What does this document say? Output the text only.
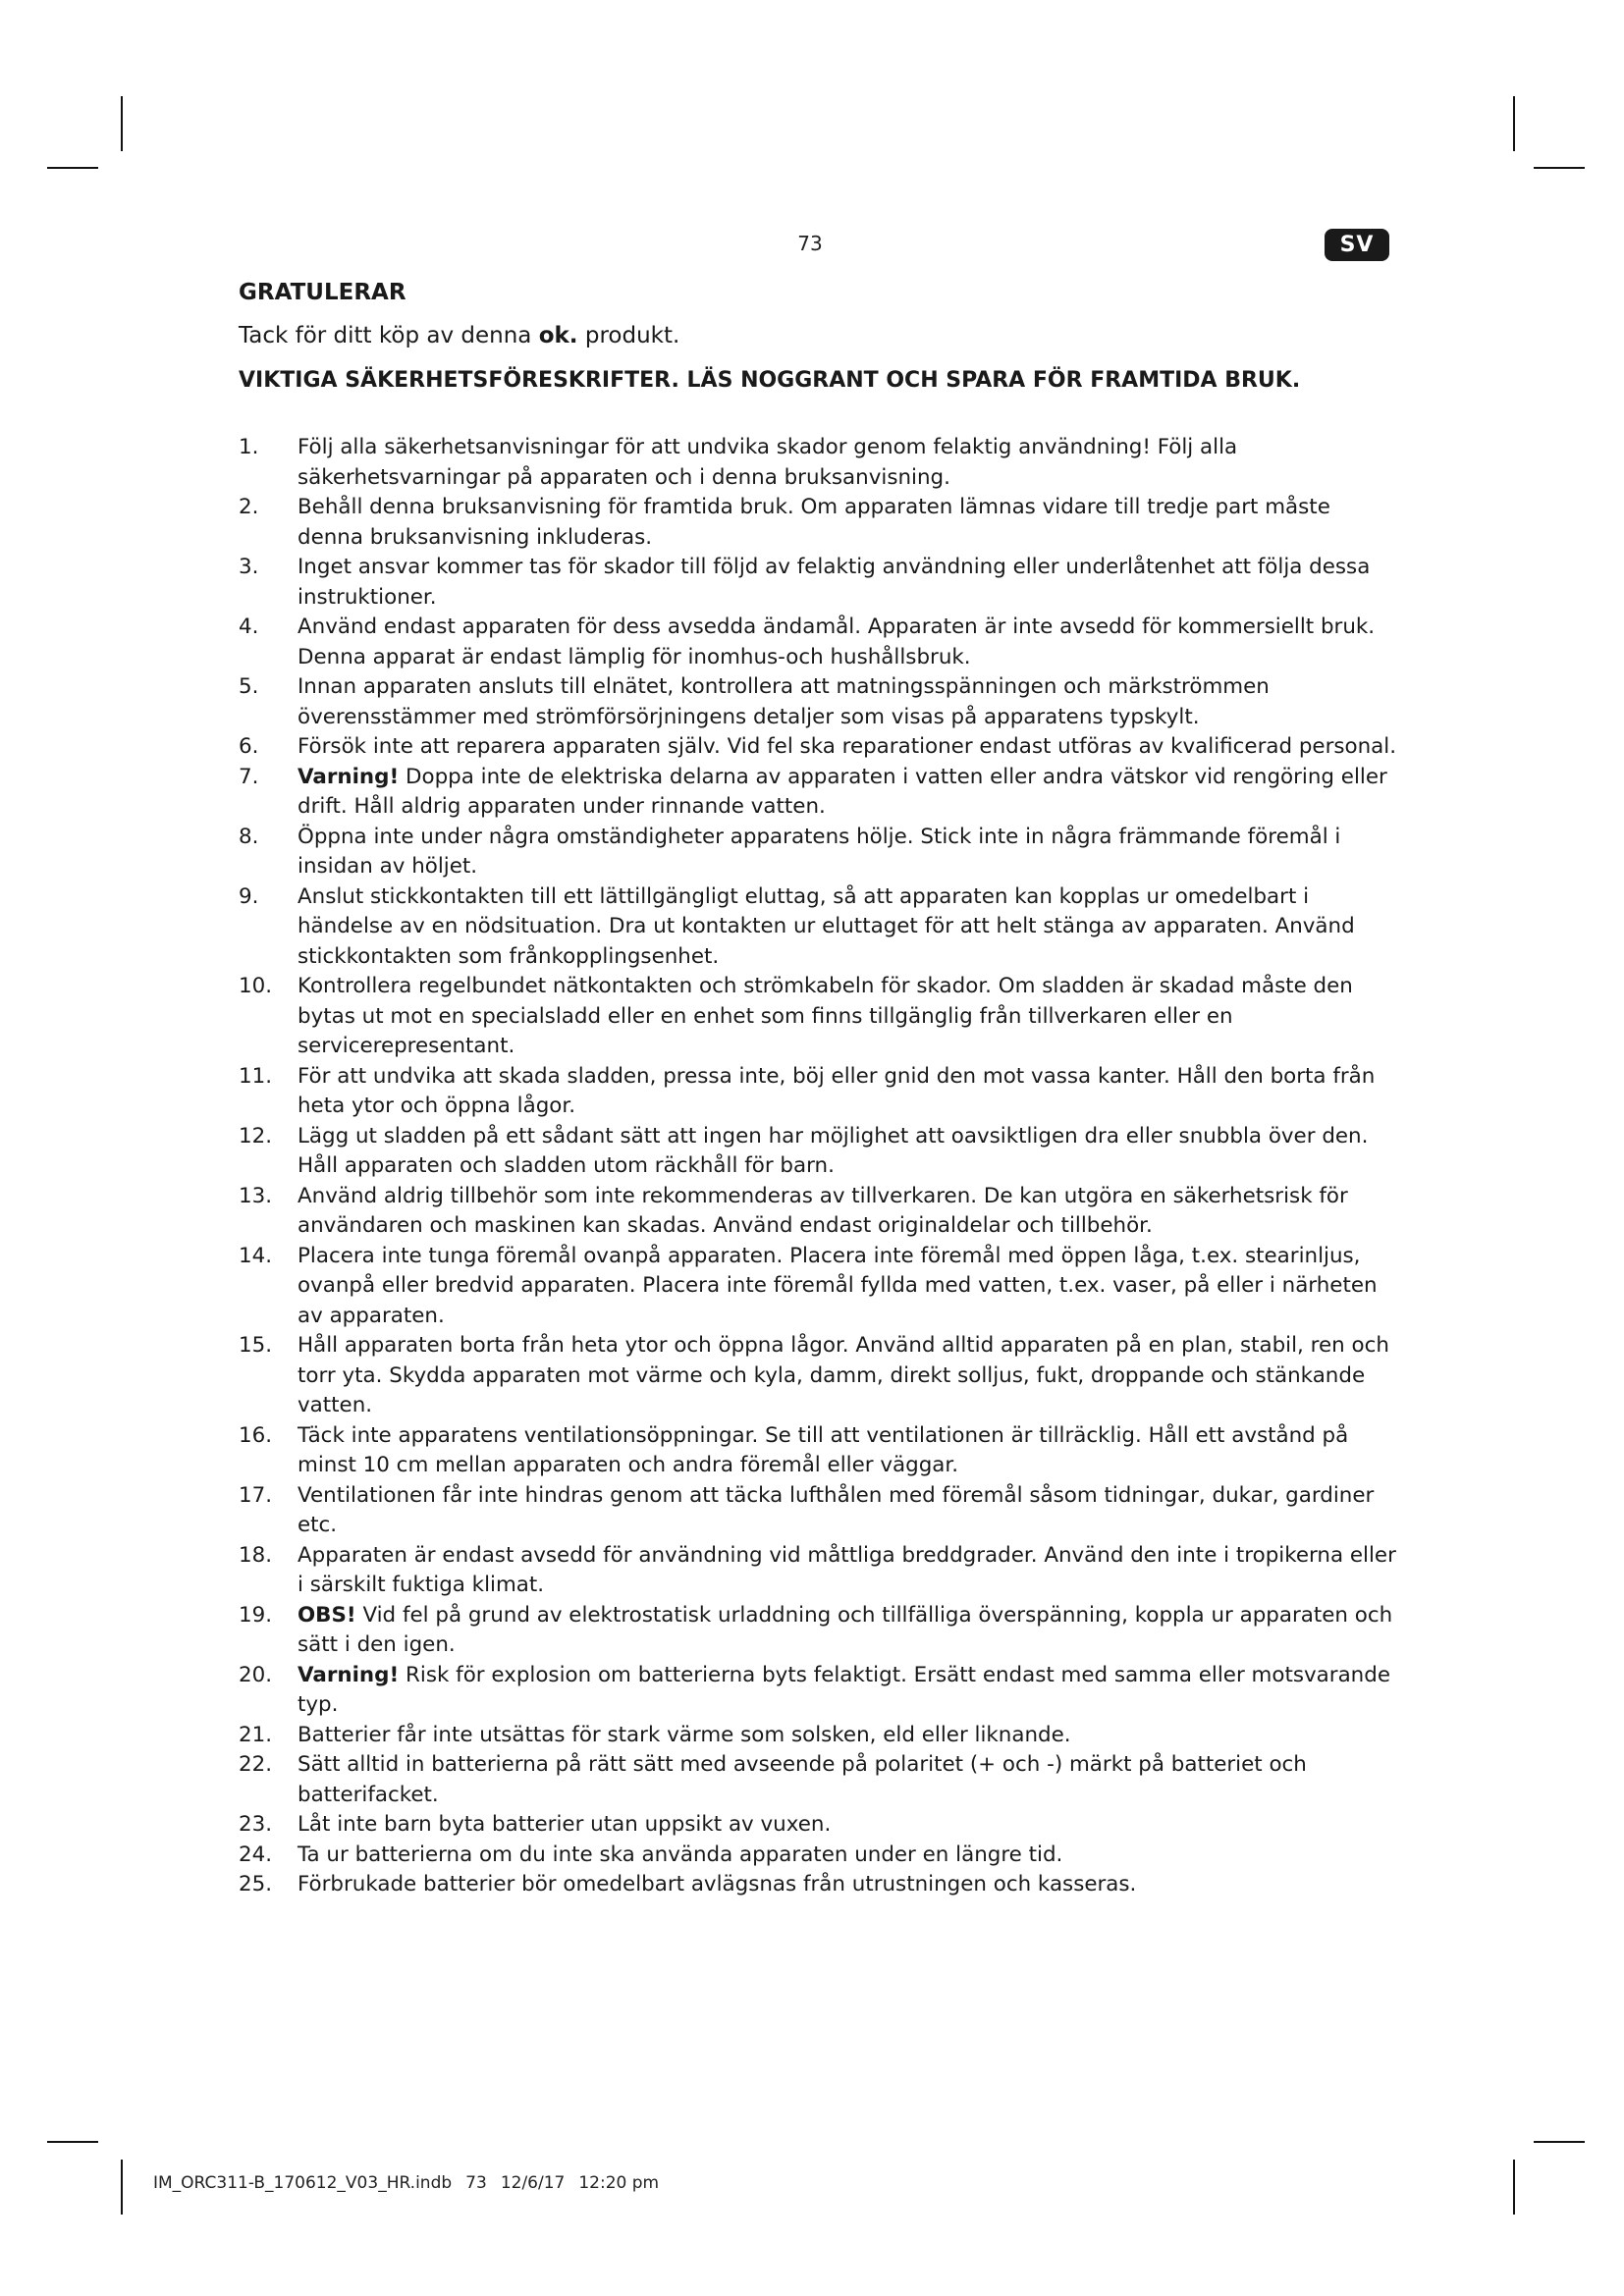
73	SV
GRATULERAR

Tack för ditt köp av denna ok. produkt.

VIKTIGA SÄKERHETSFÖRESKRIFTER. LÄS NOGGRANT OCH SPARA FÖR FRAMTIDA BRUK.
1. Följ alla säkerhetsanvisningar för att undvika skador genom felaktig användning! Följ alla säkerhetsvarningar på apparaten och i denna bruksanvisning.
2. Behåll denna bruksanvisning för framtida bruk. Om apparaten lämnas vidare till tredje part måste denna bruksanvisning inkluderas.
3. Inget ansvar kommer tas för skador till följd av felaktig användning eller underlåtenhet att följa dessa instruktioner.
4. Använd endast apparaten för dess avsedda ändamål. Apparaten är inte avsedd för kommersiellt bruk. Denna apparat är endast lämplig för inomhus-och hushållsbruk.
5. Innan apparaten ansluts till elnätet, kontrollera att matningsspänningen och märkströmmen överensstämmer med strömförsörjningens detaljer som visas på apparatens typskylt.
6. Försök inte att reparera apparaten själv. Vid fel ska reparationer endast utföras av kvalificerad personal.
7. Varning! Doppa inte de elektriska delarna av apparaten i vatten eller andra vätskor vid rengöring eller drift. Håll aldrig apparaten under rinnande vatten.
8. Öppna inte under några omständigheter apparatens hölje. Stick inte in några främmande föremål i insidan av höljet.
9. Anslut stickkontakten till ett lättillgängligt eluttag, så att apparaten kan kopplas ur omedelbart i händelse av en nödsituation. Dra ut kontakten ur eluttaget för att helt stänga av apparaten. Använd stickkontakten som frånkopplingsenhet.
10. Kontrollera regelbundet nätkontakten och strömkabeln för skador. Om sladden är skadad måste den bytas ut mot en specialsladd eller en enhet som finns tillgänglig från tillverkaren eller en servicerepresentant.
11. För att undvika att skada sladden, pressa inte, böj eller gnid den mot vassa kanter. Håll den borta från heta ytor och öppna lågor.
12. Lägg ut sladden på ett sådant sätt att ingen har möjlighet att oavsiktligen dra eller snubbla över den. Håll apparaten och sladden utom räckhåll för barn.
13. Använd aldrig tillbehör som inte rekommenderas av tillverkaren. De kan utgöra en säkerhetsrisk för användaren och maskinen kan skadas. Använd endast originaldelar och tillbehör.
14. Placera inte tunga föremål ovanpå apparaten. Placera inte föremål med öppen låga, t.ex. stearinljus, ovanpå eller bredvid apparaten. Placera inte föremål fyllda med vatten, t.ex. vaser, på eller i närheten av apparaten.
15. Håll apparaten borta från heta ytor och öppna lågor. Använd alltid apparaten på en plan, stabil, ren och torr yta. Skydda apparaten mot värme och kyla, damm, direkt solljus, fukt, droppande och stänkande vatten.
16. Täck inte apparatens ventilationsöppningar. Se till att ventilationen är tillräcklig. Håll ett avstånd på minst 10 cm mellan apparaten och andra föremål eller väggar.
17. Ventilationen får inte hindras genom att täcka lufthålen med föremål såsom tidningar, dukar, gardiner etc.
18. Apparaten är endast avsedd för användning vid måttliga breddgrader. Använd den inte i tropikerna eller i särskilt fuktiga klimat.
19. OBS! Vid fel på grund av elektrostatisk urladdning och tillfälliga överspänning, koppla ur apparaten och sätt i den igen.
20. Varning! Risk för explosion om batterierna byts felaktigt. Ersätt endast med samma eller motsvarande typ.
21. Batterier får inte utsättas för stark värme som solsken, eld eller liknande.
22. Sätt alltid in batterierna på rätt sätt med avseende på polaritet (+ och -) märkt på batteriet och batterifacket.
23. Låt inte barn byta batterier utan uppsikt av vuxen.
24. Ta ur batterierna om du inte ska använda apparaten under en längre tid.
25. Förbrukade batterier bör omedelbart avlägsnas från utrustningen och kasseras.
IM_ORC311-B_170612_V03_HR.indb 73 12/6/17 12:20 pm
